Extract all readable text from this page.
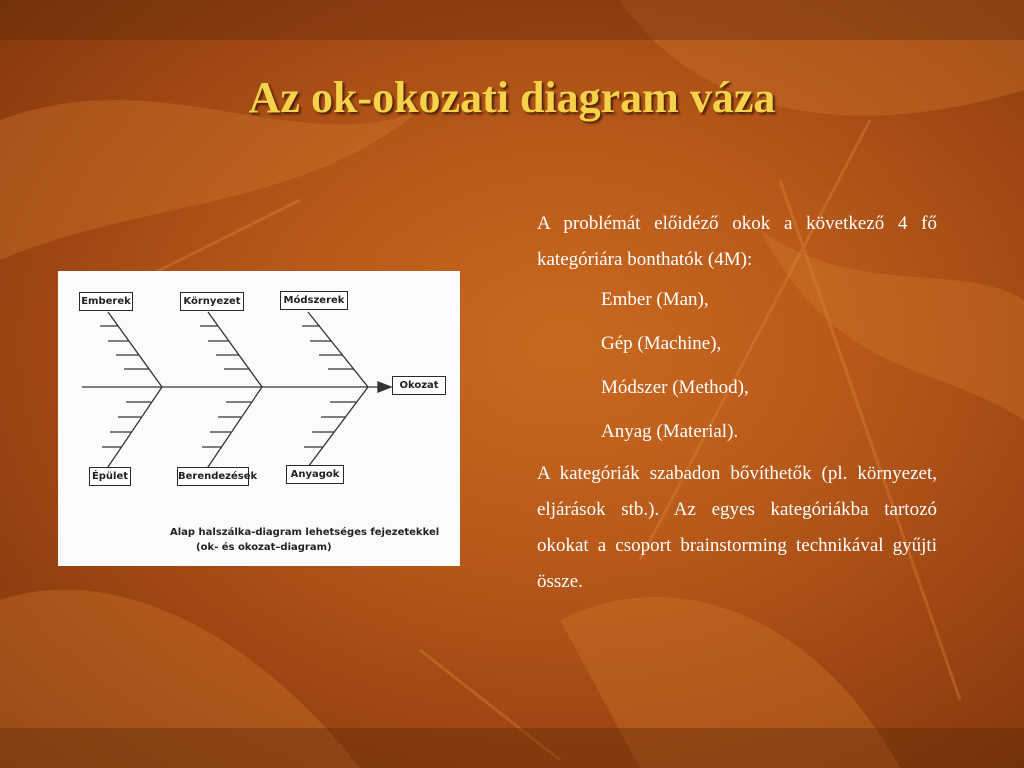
Az ok-okozati diagram váza
Emberek	Környezet	Módszerek
Okozat
Épület	Berendezések	Anyagok
Alap halszálka-diagram lehetséges fejezetekkel
(ok- és okozat–diagram)

A problémát előidéző okok a következő 4 fő kategóriára bonthatók (4M):

Ember (Man),

Gép (Machine),

Módszer (Method),

Anyag (Material).

A kategóriák szabadon bővíthetők (pl. környezet, eljárások stb.). Az egyes kategóriákba tartozó okokat a csoport brainstorming technikával gyűjti össze.
